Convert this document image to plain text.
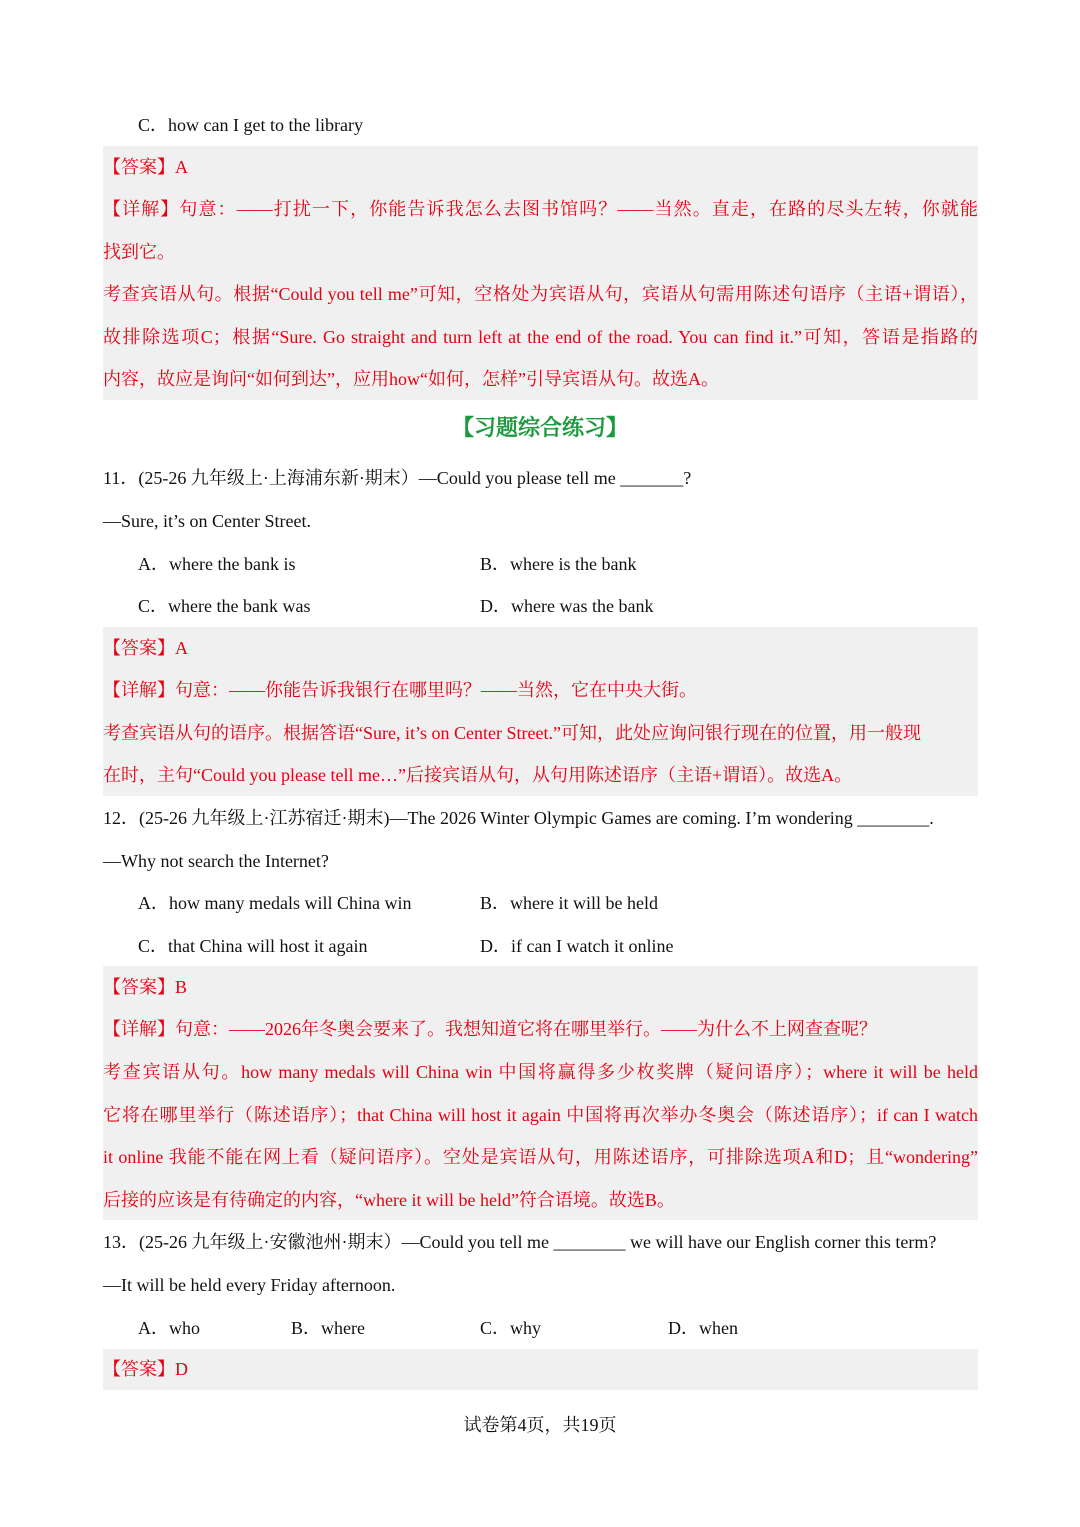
C．how can I get to the library
【答案】A
【详解】句意：——打扰一下，你能告诉我怎么去图书馆吗？——当然。直走，在路的尽头左转，你就能
找到它。
考查宾语从句。根据“Could you tell me”可知，空格处为宾语从句，宾语从句需用陈述句语序（主语+谓语），
故排除选项C；根据“Sure. Go straight and turn left at the end of the road. You can find it.”可知，答语是指路的
内容，故应是询问“如何到达”，应用how“如何，怎样”引导宾语从句。故选A。
【习题综合练习】
11．(25-26 九年级上·上海浦东新·期末）—Could you please tell me _______?
—Sure, it’s on Center Street.
A．where the bank is	B．where is the bank
C．where the bank was	D．where was the bank
【答案】A
【详解】句意：——你能告诉我银行在哪里吗？——当然，它在中央大街。
考查宾语从句的语序。根据答语“Sure, it’s on Center Street.”可知，此处应询问银行现在的位置，用一般现
在时，主句“Could you please tell me…”后接宾语从句，从句用陈述语序（主语+谓语）。故选A。
12．(25-26 九年级上·江苏宿迁·期末)—The 2026 Winter Olympic Games are coming. I’m wondering ________.
—Why not search the Internet?
A．how many medals will China win	B．where it will be held
C．that China will host it again	D．if can I watch it online
【答案】B
【详解】句意：——2026年冬奥会要来了。我想知道它将在哪里举行。——为什么不上网查查呢？
考查宾语从句。how many medals will China win 中国将赢得多少枚奖牌（疑问语序）；where it will be held
它将在哪里举行（陈述语序）；that China will host it again 中国将再次举办冬奥会（陈述语序）；if can I watch
it online 我能不能在网上看（疑问语序）。空处是宾语从句，用陈述语序，可排除选项A和D；且“wondering”
后接的应该是有待确定的内容，“where it will be held”符合语境。故选B。
13．(25-26 九年级上·安徽池州·期末）—Could you tell me ________ we will have our English corner this term?
—It will be held every Friday afternoon.
A．who	B．where	C．why	D．when
【答案】D
试卷第4页，共19页
